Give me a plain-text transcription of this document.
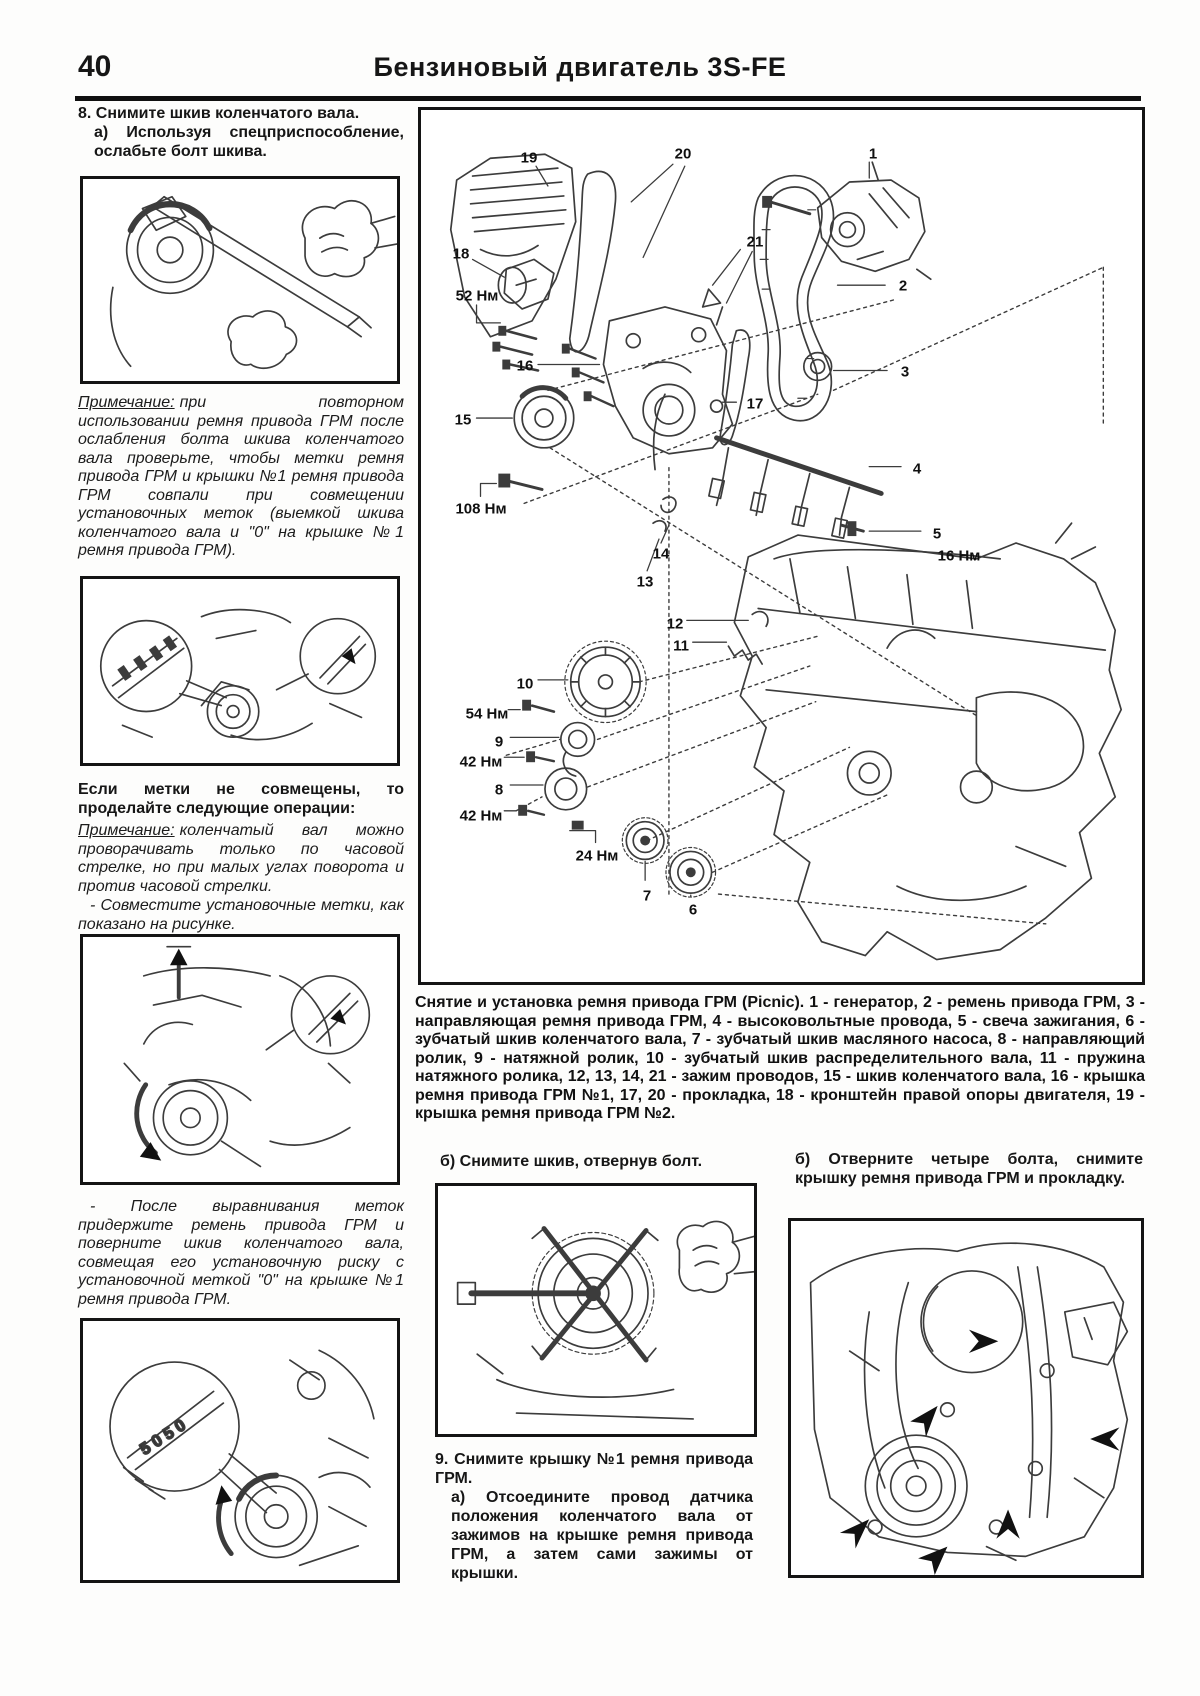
40	Бензиновый двигатель 3S-FE

8. Снимите шкив коленчатого вала.

а) Используя спецприспособление, ослабьте болт шкива.

Примечание: при повторном использовании ремня привода ГРМ после ослабления болта шкива коленчатого вала проверьте, чтобы метки ремня привода ГРМ и крышки №1 ремня привода ГРМ совпали при совмещении установочных меток (выемкой шкива коленчатого вала и "0" на крышке №1 ремня привода ГРМ).

Если метки не совмещены, то проделайте следующие операции:

Примечание: коленчатый вал можно проворачивать только по часовой стрелке, но при малых углах поворота и против часовой стрелки.

- Совместите установочные метки, как показано на рисунке.

- После выравнивания меток придержите ремень привода ГРМ и поверните шкив коленчатого вала, совмещая его установочную риску с установочной меткой "0" на крышке №1 ремня привода ГРМ.

5 0 5 0
19	20	1
21
2
18
52 Нм
16
17
3
15
108 Нм
4
5
16 Нм
14
13
12
11
10
54 Нм
9
42 Нм
8
42 Нм
24 Нм
7
6

Снятие и установка ремня привода ГРМ (Picnic). 1 - генератор, 2 - ремень привода ГРМ, 3 - направляющая ремня привода ГРМ, 4 - высоковольтные провода, 5 - свеча зажигания, 6 - зубчатый шкив коленчатого вала, 7 - зубчатый шкив масляного насоса, 8 - направляющий ролик, 9 - натяжной ролик, 10 - зубчатый шкив распределительного вала, 11 - пружина натяжного ролика, 12, 13, 14, 21 - зажим проводов, 15 - шкив коленчатого вала, 16 - крышка ремня привода ГРМ №1, 17, 20 - прокладка, 18 - кронштейн правой опоры двигателя, 19 - крышка ремня привода ГРМ №2.

б) Снимите шкив, отвернув болт.

9. Снимите крышку №1 ремня привода ГРМ.

а) Отсоедините провод датчика положения коленчатого вала от зажимов на крышке ремня привода ГРМ, а затем сами зажимы от крышки.

б) Отверните четыре болта, снимите крышку ремня привода ГРМ и прокладку.
